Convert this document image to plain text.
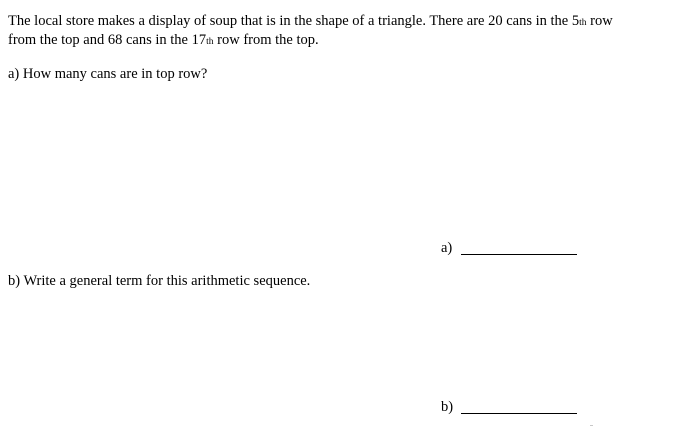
The local store makes a display of soup that is in the shape of a triangle. There are 20 cans in the 5th row
from the top and 68 cans in the 17th row from the top.
a) How many cans are in top row?
a)
b) Write a general term for this arithmetic sequence.
b)
